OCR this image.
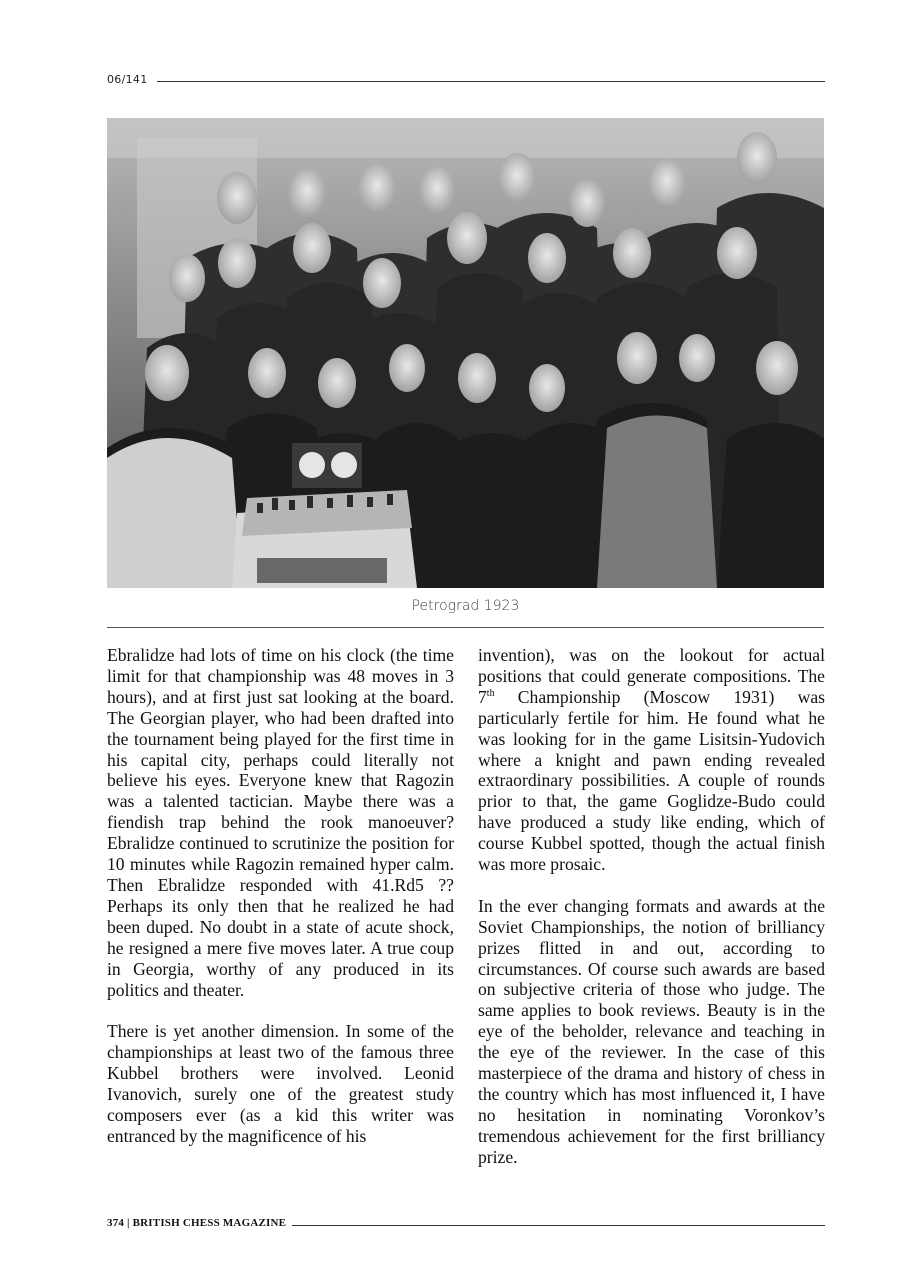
06/141
Petrograd 1923

Ebralidze had lots of time on his clock (the time limit for that championship was 48 moves in 3 hours), and at first just sat looking at the board. The Georgian player, who had been drafted into the tournament being played for the first time in his capital city, perhaps could literally not believe his eyes. Everyone knew that Ragozin was a talented tactician. Maybe there was a fiendish trap behind the rook manoeuver? Ebralidze continued to scrutinize the position for 10 minutes while Ragozin remained hyper calm. Then Ebralidze responded with 41.Rd5 ?? Perhaps its only then that he realized he had been duped. No doubt in a state of acute shock, he resigned a mere five moves later. A true coup in Georgia, worthy of any produced in its politics and theater.

There is yet another dimension. In some of the championships at least two of the famous three Kubbel brothers were involved. Leonid Ivanovich, surely one of the greatest study composers ever (as a kid this writer was entranced by the magnificence of his

invention), was on the lookout for actual positions that could generate compositions. The 7th Championship (Moscow 1931) was particularly fertile for him. He found what he was looking for in the game Lisitsin-Yudovich where a knight and pawn ending revealed extraordinary possibilities. A couple of rounds prior to that, the game Goglidze-Budo could have produced a study like ending, which of course Kubbel spotted, though the actual finish was more prosaic.

In the ever changing formats and awards at the Soviet Championships, the notion of brilliancy prizes flitted in and out, according to circumstances. Of course such awards are based on subjective criteria of those who judge. The same applies to book reviews. Beauty is in the eye of the beholder, relevance and teaching in the eye of the reviewer. In the case of this masterpiece of the drama and history of chess in the country which has most influenced it, I have no hesitation in nominating Voronkov’s tremendous achievement for the first brilliancy prize.

374 | BRITISH CHESS MAGAZINE
